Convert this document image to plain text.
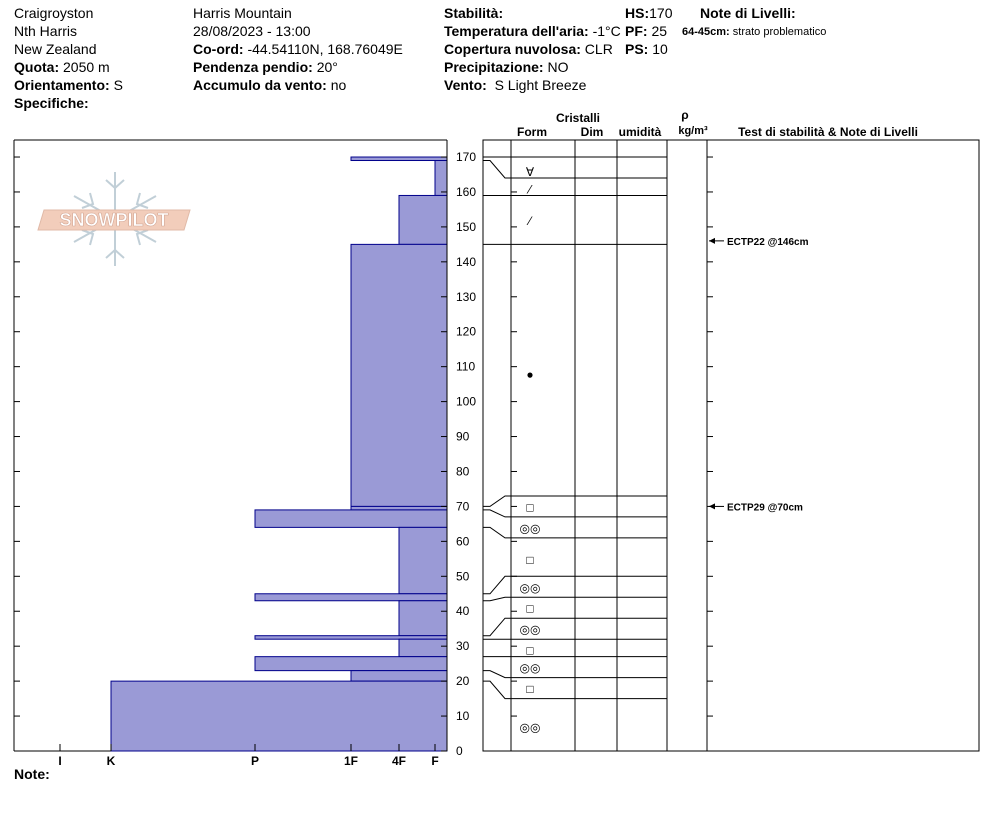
Craigroyston
Nth Harris
New Zealand
Quota: 2050 m
Orientamento: S
Specifiche:
Harris Mountain
28/08/2023 - 13:00
Co-ord: -44.54110N, 168.76049E
Pendenza pendio: 20°
Accumulo da vento: no
Stabilità:
Temperatura dell'aria: -1°C
Copertura nuvolosa: CLR
Precipitazione: NO
Vento: S Light Breeze
HS:170
PF: 25
PS: 10
Note di Livelli:
64-45cm: strato problematico
Note:
SNOWPILOT
I	K	P	1F	4F F
0
10
20
30
40
50
60
70
80
90
100
110
120
130
140
150
160
170
∀
⁄
⁄
●
□
◎◎
□
◎◎
□
◎◎
□
◎◎
□
◎◎
ECTP22 @146cm
ECTP29 @70cm
Cristalli
Form	Dim umidità
ρ
kg/m³	Test di stabilità & Note di Livelli
